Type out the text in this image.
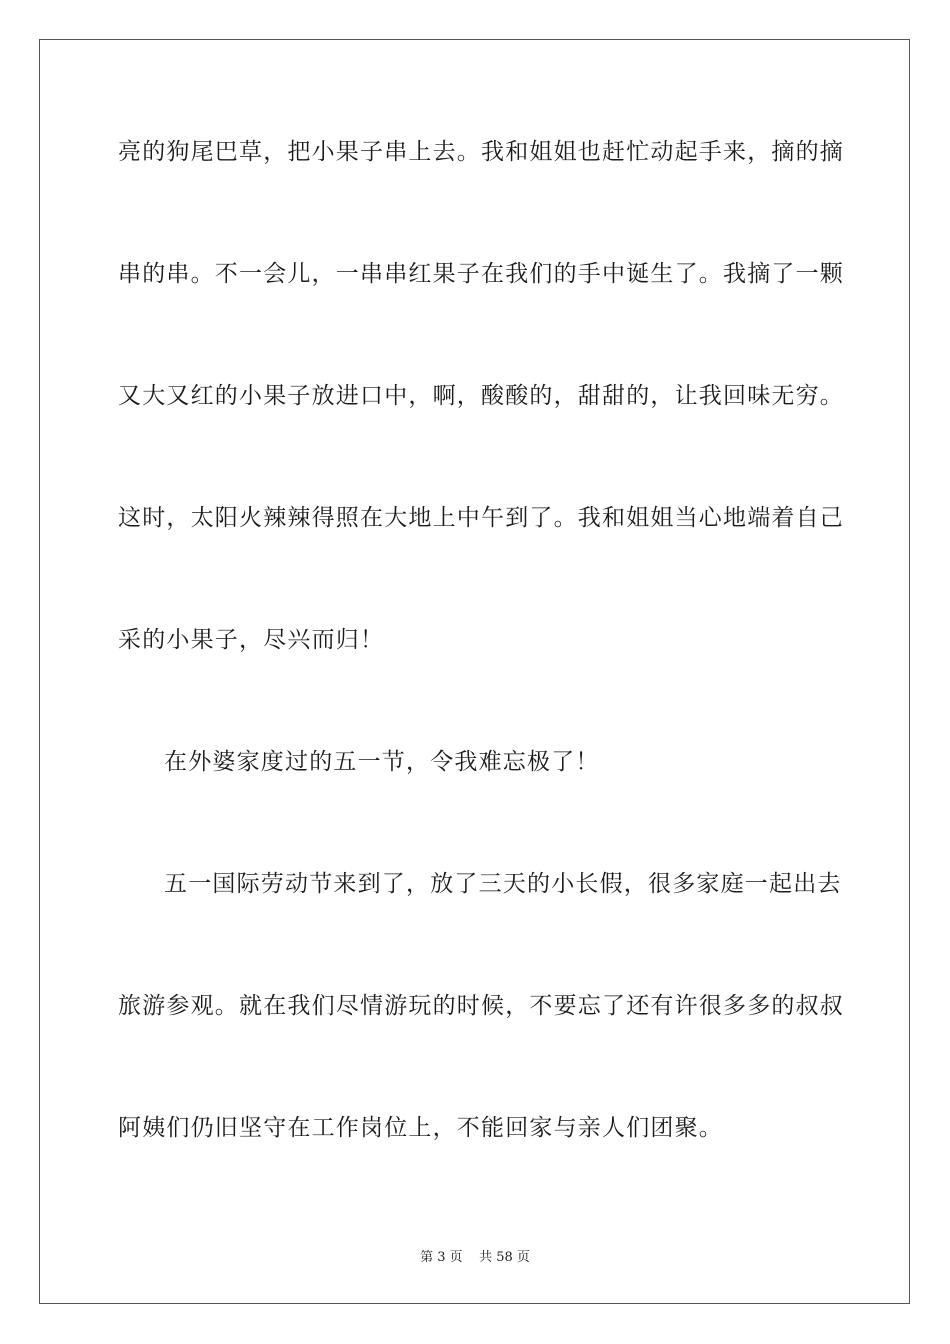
亮的狗尾巴草，把小果子串上去。我和姐姐也赶忙动起手来，摘的摘
串的串。不一会儿，一串串红果子在我们的手中诞生了。我摘了一颗
又大又红的小果子放进口中，啊，酸酸的，甜甜的，让我回味无穷。
这时，太阳火辣辣得照在大地上中午到了。我和姐姐当心地端着自己
采的小果子，尽兴而归！
在外婆家度过的五一节，令我难忘极了！
五一国际劳动节来到了，放了三天的小长假，很多家庭一起出去
旅游参观。就在我们尽情游玩的时候，不要忘了还有许很多多的叔叔
阿姨们仍旧坚守在工作岗位上，不能回家与亲人们团聚。
第 3 页    共 58 页
